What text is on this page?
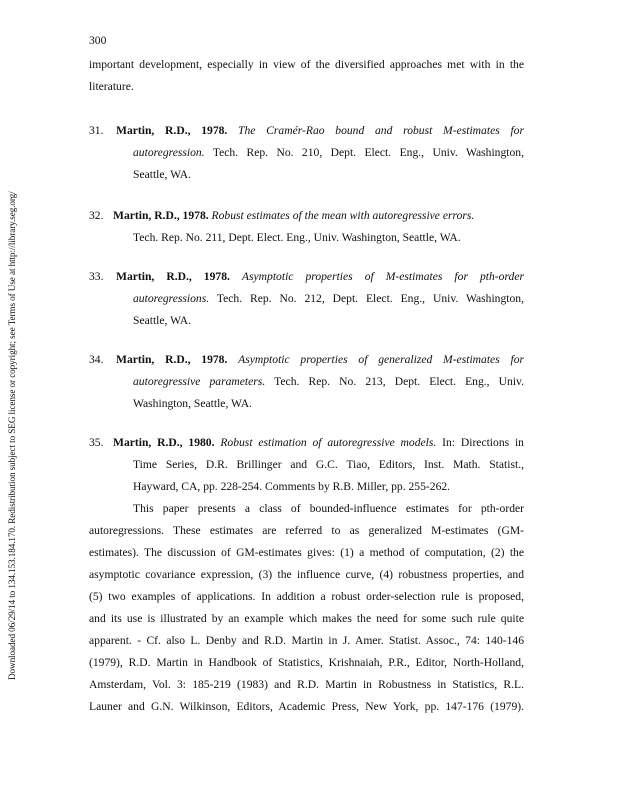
Downloaded 06/29/14 to 134.153.184.170. Redistribution subject to SEG license or copyright; see Terms of Use at http://library.seg.org/
300
important development, especially in view of the diversified approaches met with in the
literature.
31.	Martin, R.D., 1978. The Cramér-Rao bound and robust M-estimates for
autoregression. Tech. Rep. No. 210, Dept. Elect. Eng., Univ. Washington,
Seattle, WA.
32. Martin, R.D., 1978. Robust estimates of the mean with autoregressive errors.
Tech. Rep. No. 211, Dept. Elect. Eng., Univ. Washington, Seattle, WA.
33.	Martin, R.D., 1978. Asymptotic properties of M-estimates for pth-order
autoregressions. Tech. Rep. No. 212, Dept. Elect. Eng., Univ. Washington,
Seattle, WA.
34.	Martin, R.D., 1978. Asymptotic properties of generalized M-estimates for
autoregressive parameters. Tech. Rep. No. 213, Dept. Elect. Eng., Univ.
Washington, Seattle, WA.
35. Martin, R.D., 1980. Robust estimation of autoregressive models. In: Directions in
Time Series, D.R. Brillinger and G.C. Tiao, Editors, Inst. Math. Statist.,
Hayward, CA, pp. 228-254. Comments by R.B. Miller, pp. 255-262.
This paper presents a class of bounded-influence estimates for pth-order
autoregressions. These estimates are referred to as generalized M-estimates (GM-
estimates). The discussion of GM-estimates gives: (1) a method of computation, (2) the
asymptotic covariance expression, (3) the influence curve, (4) robustness properties, and
(5) two examples of applications. In addition a robust order-selection rule is proposed,
and its use is illustrated by an example which makes the need for some such rule quite
apparent. - Cf. also L. Denby and R.D. Martin in J. Amer. Statist. Assoc., 74: 140-146
(1979), R.D. Martin in Handbook of Statistics, Krishnaiah, P.R., Editor, North-Holland,
Amsterdam, Vol. 3: 185-219 (1983) and R.D. Martin in Robustness in Statistics, R.L.
Launer and G.N. Wilkinson, Editors, Academic Press, New York, pp. 147-176 (1979).
